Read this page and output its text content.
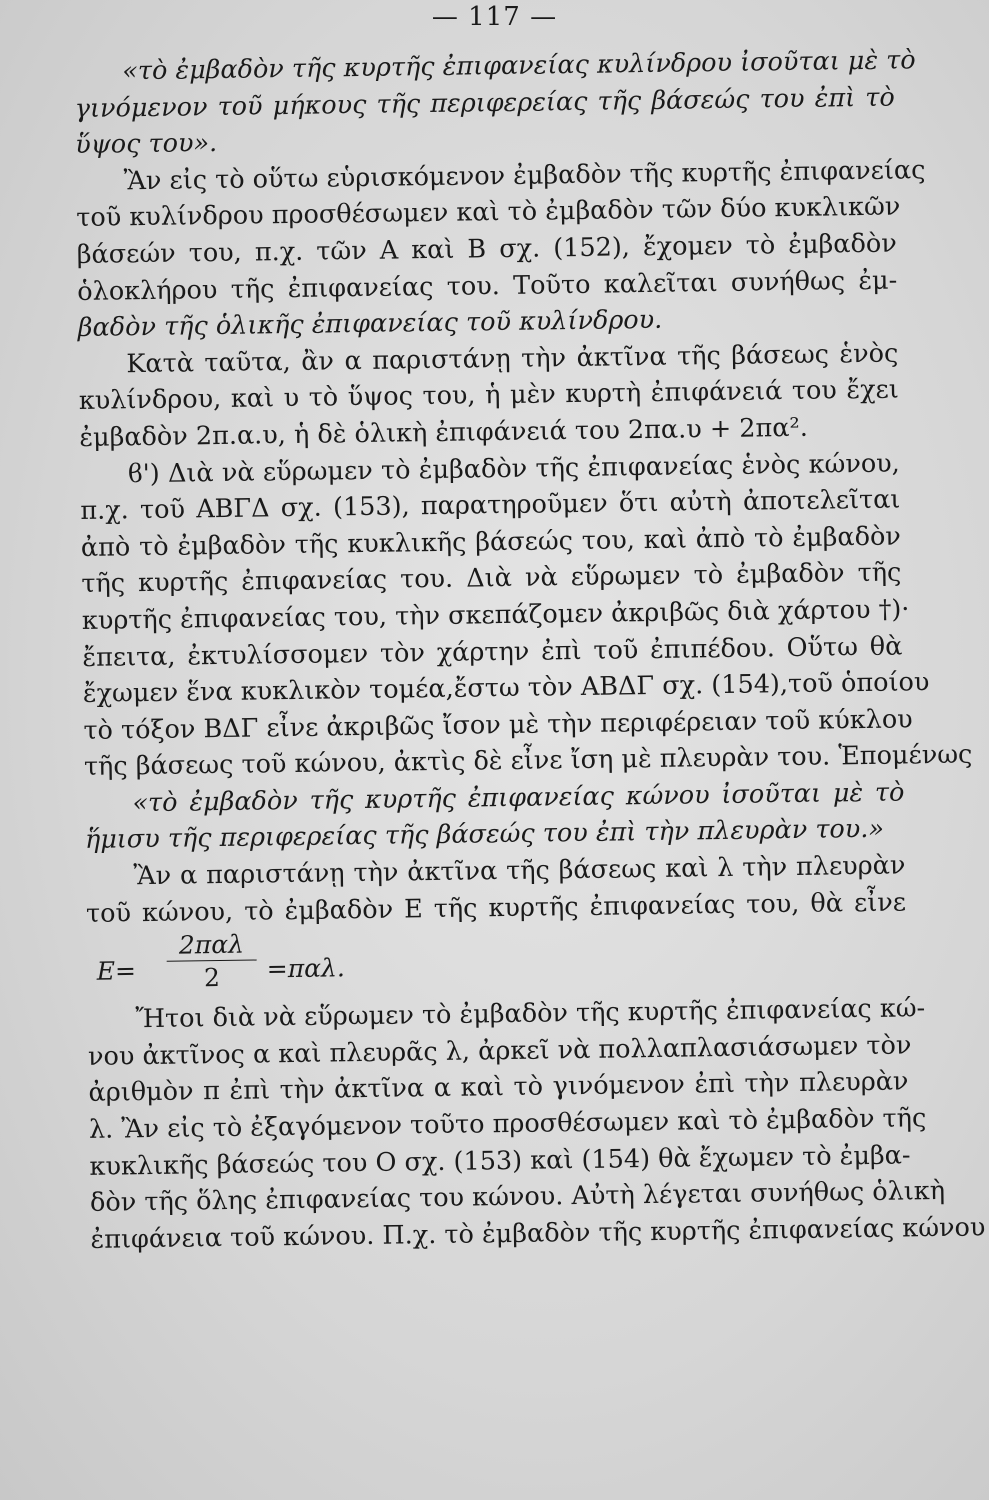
— 117 —
«τὸ ἐμβαδὸν τῆς κυρτῆς ἐπιφανείας κυλίνδρου ἰσοῦται μὲ τὸ
γινόμενον τοῦ μήκους τῆς περιφερείας τῆς βάσεώς του ἐπὶ τὸ
ὕψος του».
Ἂν εἰς τὸ οὕτω εὑρισκόμενον ἐμβαδὸν τῆς κυρτῆς ἐπιφανείας
τοῦ κυλίνδρου προσθέσωμεν καὶ τὸ ἐμβαδὸν τῶν δύο κυκλικῶν
βάσεών του, π.χ. τῶν Α καὶ Β σχ. (152), ἔχομεν τὸ ἐμβαδὸν
ὁλοκλήρου τῆς ἐπιφανείας του. Τοῦτο καλεῖται συνήθως ἐμ-
βαδὸν τῆς ὁλικῆς ἐπιφανείας τοῦ κυλίνδρου.
Κατὰ ταῦτα, ἂν α παριστάνῃ τὴν ἀκτῖνα τῆς βάσεως ἑνὸς
κυλίνδρου, καὶ υ τὸ ὕψος του, ἡ μὲν κυρτὴ ἐπιφάνειά του ἔχει
ἐμβαδὸν 2π.α.υ, ἡ δὲ ὁλικὴ ἐπιφάνειά του 2πα.υ + 2πα².
ϐ') Διὰ νὰ εὕρωμεν τὸ ἐμβαδὸν τῆς ἐπιφανείας ἑνὸς κώνου,
π.χ. τοῦ ΑΒΓΔ σχ. (153), παρατηροῦμεν ὅτι αὐτὴ ἀποτελεῖται
ἀπὸ τὸ ἐμβαδὸν τῆς κυκλικῆς βάσεώς του, καὶ ἀπὸ τὸ ἐμβαδὸν
τῆς κυρτῆς ἐπιφανείας του. Διὰ νὰ εὕρωμεν τὸ ἐμβαδὸν τῆς
κυρτῆς ἐπιφανείας του, τὴν σκεπάζομεν ἀκριβῶς διὰ χάρτου †)·
ἔπειτα, ἐκτυλίσσομεν τὸν χάρτην ἐπὶ τοῦ ἐπιπέδου. Οὕτω θὰ
ἔχωμεν ἕνα κυκλικὸν τομέα,ἔστω τὸν ΑΒΔΓ σχ. (154),τοῦ ὁποίου
τὸ τόξον ΒΔΓ εἶνε ἀκριβῶς ἴσον μὲ τὴν περιφέρειαν τοῦ κύκλου
τῆς βάσεως τοῦ κώνου, ἀκτὶς δὲ εἶνε ἴση μὲ πλευρὰν του. Ἑπομένως
«τὸ ἐμβαδὸν τῆς κυρτῆς ἐπιφανείας κώνου ἰσοῦται μὲ τὸ
ἥμισυ τῆς περιφερείας τῆς βάσεώς του ἐπὶ τὴν πλευρὰν του.»
Ἂν α παριστάνῃ τὴν ἀκτῖνα τῆς βάσεως καὶ λ τὴν πλευρὰν
τοῦ κώνου, τὸ ἐμβαδὸν Ε τῆς κυρτῆς ἐπιφανείας του, θὰ εἶνε
E=
2παλ
2	=παλ.
Ἤτοι διὰ νὰ εὕρωμεν τὸ ἐμβαδὸν τῆς κυρτῆς ἐπιφανείας κώ-
νου ἀκτῖνος α καὶ πλευρᾶς λ, ἀρκεῖ νὰ πολλαπλασιάσωμεν τὸν
ἀριθμὸν π ἐπὶ τὴν ἀκτῖνα α καὶ τὸ γινόμενον ἐπὶ τὴν πλευρὰν
λ. Ἂν εἰς τὸ ἐξαγόμενον τοῦτο προσθέσωμεν καὶ τὸ ἐμβαδὸν τῆς
κυκλικῆς βάσεώς του Ο σχ. (153) καὶ (154) θὰ ἔχωμεν τὸ ἐμβα-
δὸν τῆς ὅλης ἐπιφανείας του κώνου. Αὐτὴ λέγεται συνήθως ὁλικὴ
ἐπιφάνεια τοῦ κώνου. Π.χ. τὸ ἐμβαδὸν τῆς κυρτῆς ἐπιφανείας κώνου
